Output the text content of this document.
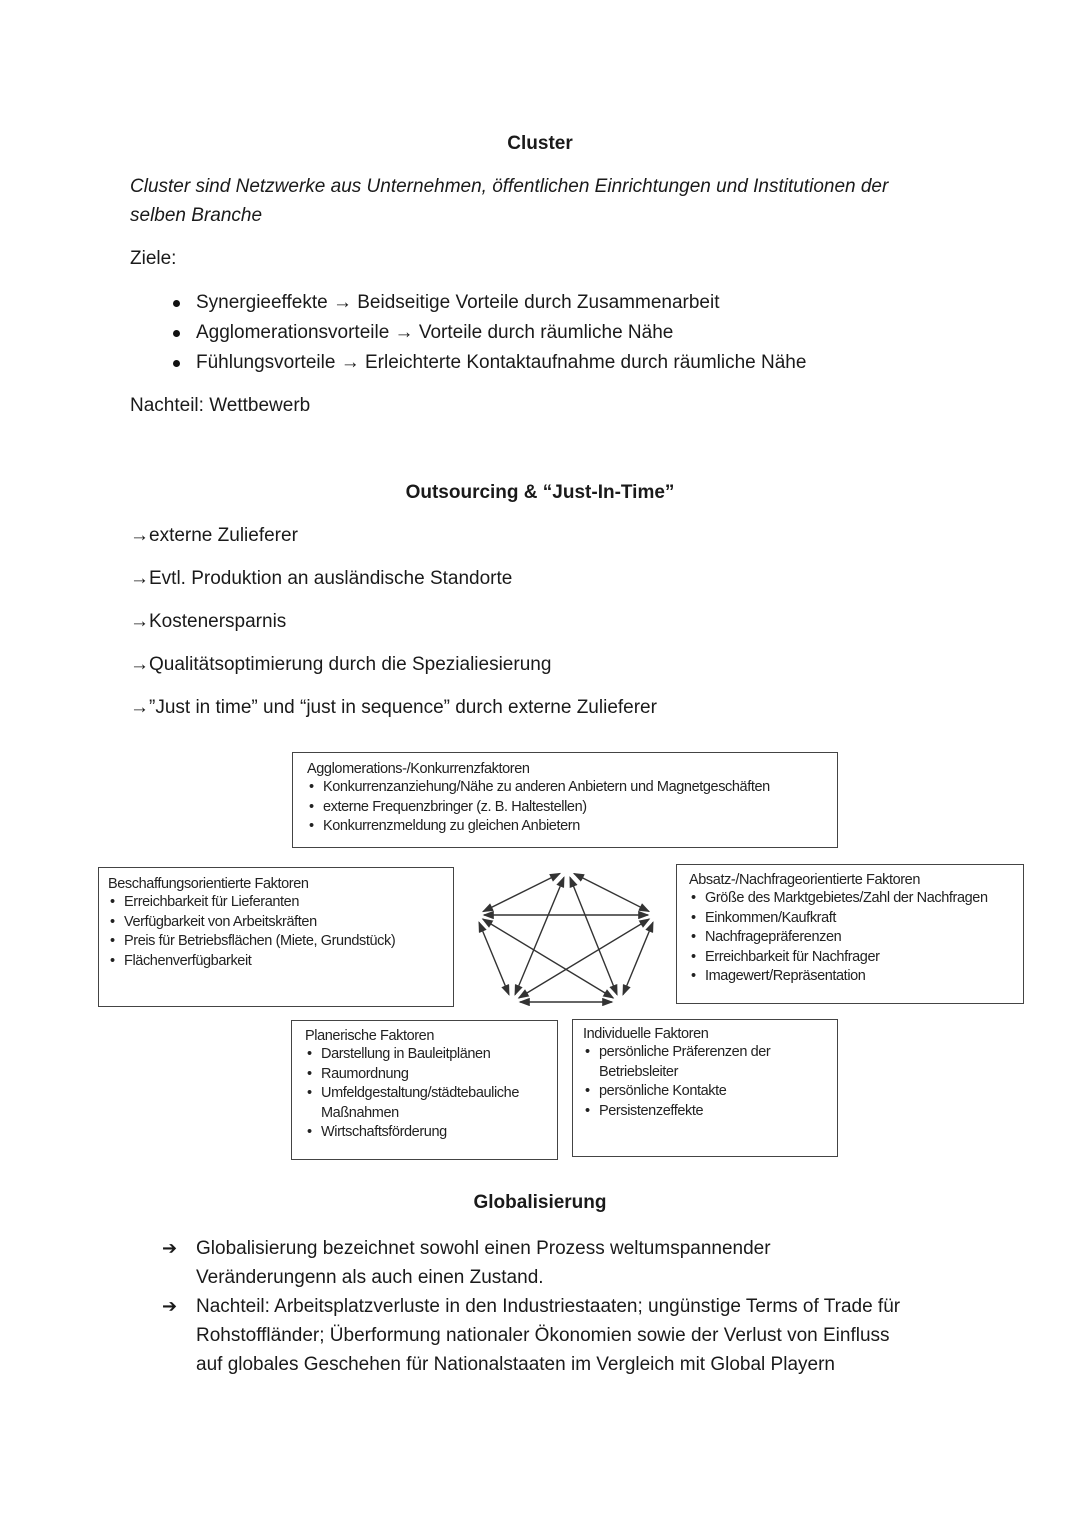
Cluster
Cluster sind Netzwerke aus Unternehmen, öffentlichen Einrichtungen und Institutionen der
selben Branche
Ziele:
Synergieeffekte → Beidseitige Vorteile durch Zusammenarbeit
Agglomerationsvorteile → Vorteile durch räumliche Nähe
Fühlungsvorteile → Erleichterte Kontaktaufnahme durch räumliche Nähe
Nachteil: Wettbewerb
Outsourcing & “Just-In-Time”
→externe Zulieferer
→Evtl. Produktion an ausländische Standorte
→Kostenersparnis
→Qualitätsoptimierung durch die Spezialiesierung
→”Just in time” und “just in sequence” durch externe Zulieferer
Agglomerations-/Konkurrenzfaktoren
• Konkurrenzanziehung/Nähe zu anderen Anbietern und Magnetgeschäften
• externe Frequenzbringer (z. B. Haltestellen)
• Konkurrenzmeldung zu gleichen Anbietern
Beschaffungsorientierte Faktoren
• Erreichbarkeit für Lieferanten
• Verfügbarkeit von Arbeitskräften
• Preis für Betriebsflächen (Miete, Grundstück)
• Flächenverfügbarkeit
Absatz-/Nachfrageorientierte Faktoren
• Größe des Marktgebietes/Zahl der Nachfragen
• Einkommen/Kaufkraft
• Nachfragepräferenzen
• Erreichbarkeit für Nachfrager
• Imagewert/Repräsentation
Planerische Faktoren
• Darstellung in Bauleitplänen
• Raumordnung
• Umfeldgestaltung/städtebauliche Maßnahmen
• Wirtschaftsförderung
Individuelle Faktoren
• persönliche Präferenzen der Betriebsleiter
• persönliche Kontakte
• Persistenzeffekte
Globalisierung
➔ Globalisierung bezeichnet sowohl einen Prozess weltumspannender
Veränderungenn als auch einen Zustand.
➔ Nachteil: Arbeitsplatzverluste in den Industriestaaten; ungünstige Terms of Trade für
Rohstoffländer; Überformung nationaler Ökonomien sowie der Verlust von Einfluss
auf globales Geschehen für Nationalstaaten im Vergleich mit Global Playern
